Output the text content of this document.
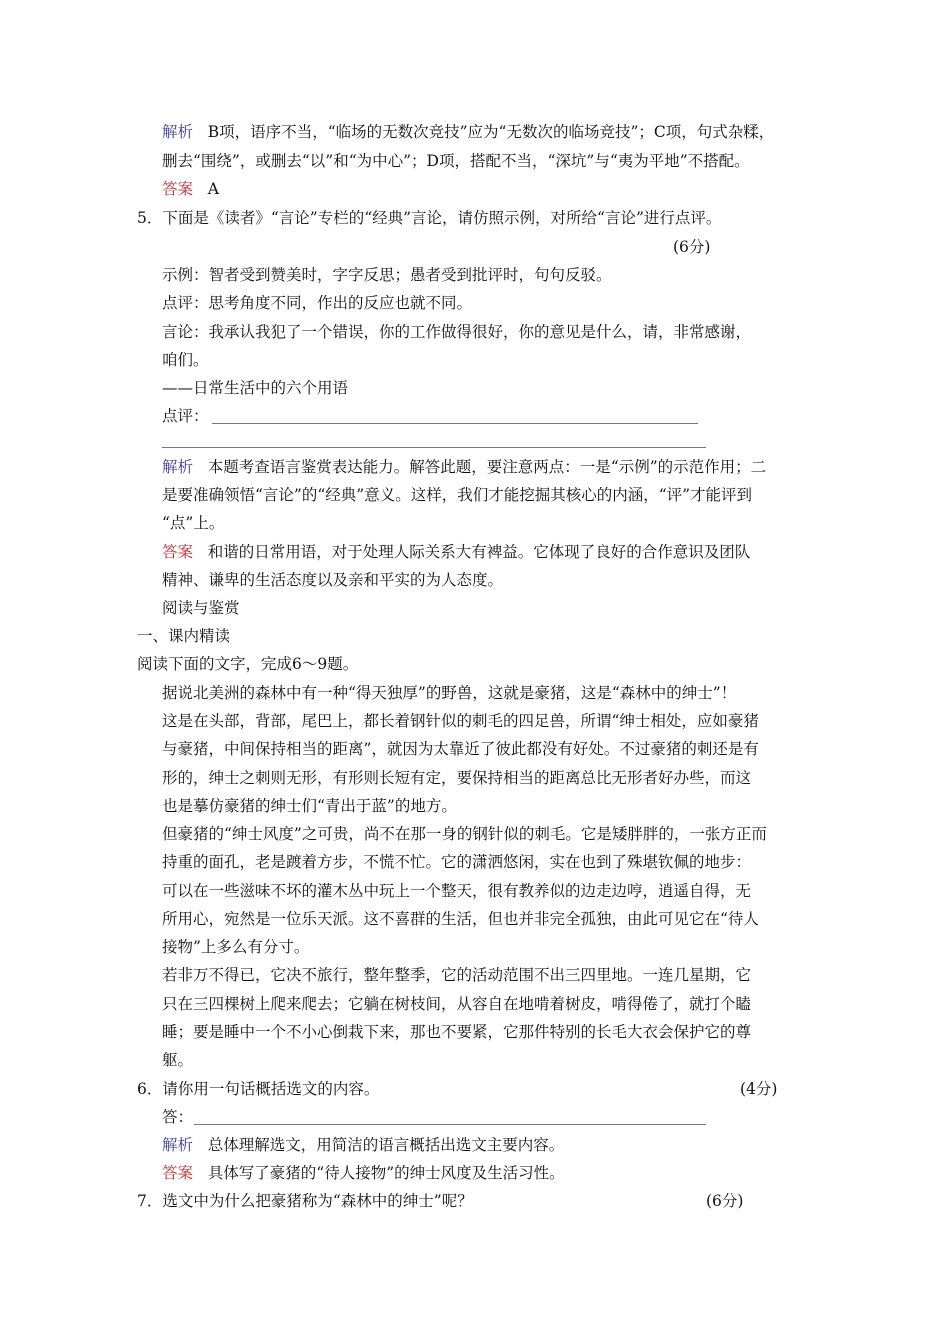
解析 B项，语序不当，“临场的无数次竞技”应为“无数次的临场竞技”；C项，句式杂糅，
删去“围绕”，或删去“以”和“为中心”；D项，搭配不当，“深坑”与“夷为平地”不搭配。
答案 A
5．下面是《读者》“言论”专栏的“经典”言论，请仿照示例，对所给“言论”进行点评。
(6分)
示例：智者受到赞美时，字字反思；愚者受到批评时，句句反驳。
点评：思考角度不同，作出的反应也就不同。
言论：我承认我犯了一个错误，你的工作做得很好，你的意见是什么，请，非常感谢，
咱们。
——日常生活中的六个用语
点评：
解析 本题考查语言鉴赏表达能力。解答此题，要注意两点：一是“示例”的示范作用；二
是要准确领悟“言论”的“经典”意义。这样，我们才能挖掘其核心的内涵，“评”才能评到
“点”上。
答案 和谐的日常用语，对于处理人际关系大有裨益。它体现了良好的合作意识及团队
精神、谦卑的生活态度以及亲和平实的为人态度。
阅读与鉴赏
一、课内精读
阅读下面的文字，完成6～9题。
据说北美洲的森林中有一种“得天独厚”的野兽，这就是豪猪，这是“森林中的绅士”！
这是在头部，背部，尾巴上，都长着钢针似的刺毛的四足兽，所谓“绅士相处，应如豪猪
与豪猪，中间保持相当的距离”，就因为太靠近了彼此都没有好处。不过豪猪的刺还是有
形的，绅士之刺则无形，有形则长短有定，要保持相当的距离总比无形者好办些，而这
也是摹仿豪猪的绅士们“青出于蓝”的地方。
但豪猪的“绅士风度”之可贵，尚不在那一身的钢针似的刺毛。它是矮胖胖的，一张方正而
持重的面孔，老是踱着方步，不慌不忙。它的潇洒悠闲，实在也到了殊堪钦佩的地步：
可以在一些滋味不坏的灌木丛中玩上一个整天，很有教养似的边走边哼，逍遥自得，无
所用心，宛然是一位乐天派。这不喜群的生活，但也并非完全孤独，由此可见它在“待人
接物”上多么有分寸。
若非万不得已，它决不旅行，整年整季，它的活动范围不出三四里地。一连几星期，它
只在三四棵树上爬来爬去；它躺在树枝间，从容自在地啃着树皮，啃得倦了，就打个瞌
睡；要是睡中一个不小心倒栽下来，那也不要紧，它那件特别的长毛大衣会保护它的尊
躯。
6．请你用一句话概括选文的内容。	(4分)
答：
解析 总体理解选文，用简洁的语言概括出选文主要内容。
答案 具体写了豪猪的“待人接物”的绅士风度及生活习性。
7．选文中为什么把豪猪称为“森林中的绅士”呢？	(6分)
